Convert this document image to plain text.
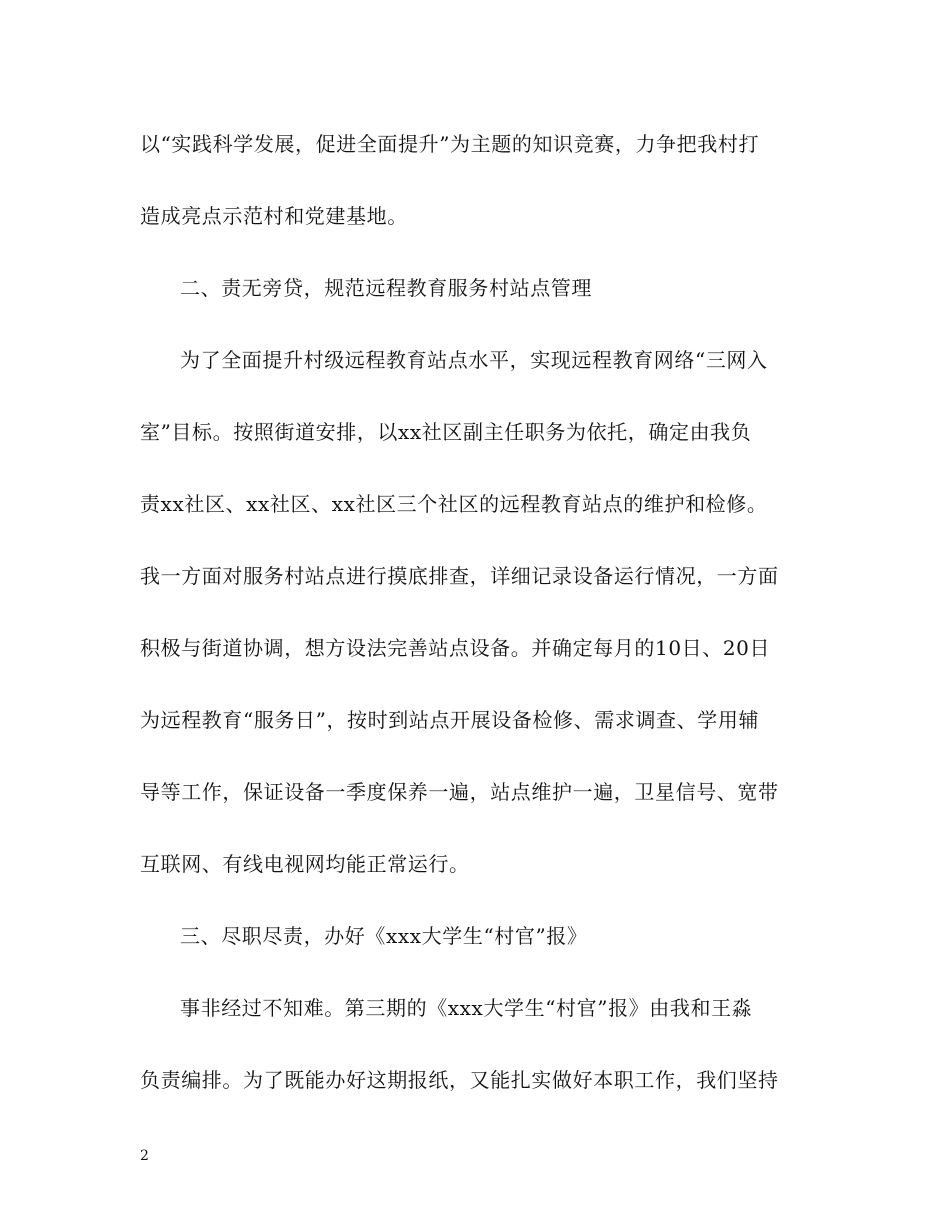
以“实践科学发展，促进全面提升”为主题的知识竞赛，力争把我村打
造成亮点示范村和党建基地。
二、责无旁贷，规范远程教育服务村站点管理
为了全面提升村级远程教育站点水平，实现远程教育网络“三网入
室”目标。按照街道安排，以xx社区副主任职务为依托，确定由我负
责xx社区、xx社区、xx社区三个社区的远程教育站点的维护和检修。
我一方面对服务村站点进行摸底排查，详细记录设备运行情况，一方面
积极与街道协调，想方设法完善站点设备。并确定每月的10日、20日
为远程教育“服务日”，按时到站点开展设备检修、需求调查、学用辅
导等工作，保证设备一季度保养一遍，站点维护一遍，卫星信号、宽带
互联网、有线电视网均能正常运行。
三、尽职尽责，办好《xxx大学生“村官”报》
事非经过不知难。第三期的《xxx大学生“村官”报》由我和王淼
负责编排。为了既能办好这期报纸，又能扎实做好本职工作，我们坚持
2
